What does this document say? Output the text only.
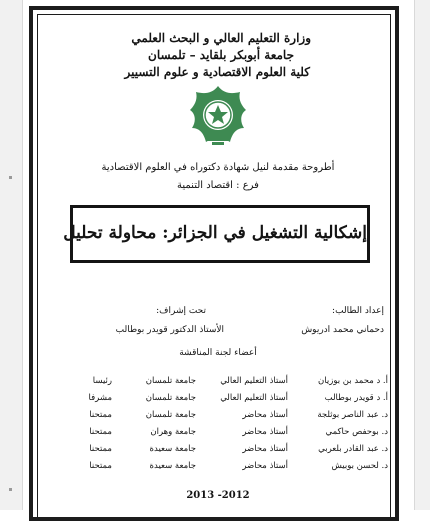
وزارة التعليم العالي و البحث العلمي
جامعة أبوبكر بلقايد – تلمسان
كلية العلوم الاقتصادية و علوم التسيير
أطروحة مقدمة لنيل شهادة دكتوراه في العلوم الاقتصادية
فرع : اقتصاد التنمية
إشكالية التشغيل في الجزائر: محاولة تحليل
إعداد الطالب:
دحماني محمد ادريوش
تحت إشراف:
الأستاذ الدكتور قويدر بوطالب
أعضاء لجنة المناقشة
أ. د محمد بن بوزيان
أستاذ التعليم العالي
جامعة تلمسان
رئيسا
أ. د قويدر بوطالب
أستاذ التعليم العالي
جامعة تلمسان
مشرفا
د. عبد الناصر بوثلجة
أستاذ محاضر
جامعة تلمسان
ممتحنا
د. بوحفص حاكمي
أستاذ محاضر
جامعة وهران
ممتحنا
د. عبد القادر بلعربي
أستاذ محاضر
جامعة سعيدة
ممتحنا
د. لحسن بوبيش
أستاذ محاضر
جامعة سعيدة
ممتحنا
2013 -2012
